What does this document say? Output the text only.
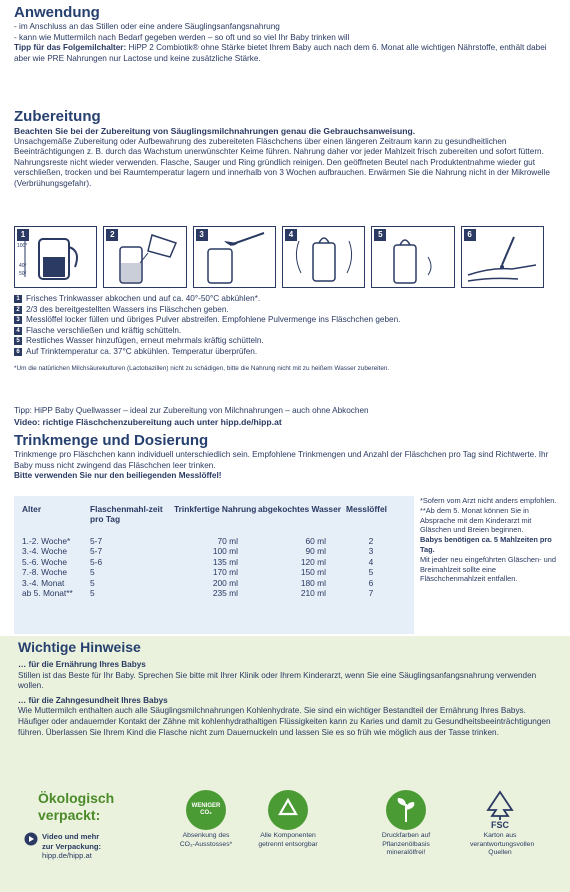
Anwendung

- im Anschluss an das Stillen oder eine andere Säuglingsanfangsnahrung

- kann wie Muttermilch nach Bedarf gegeben werden – so oft und so viel Ihr Baby trinken will

Tipp für das Folgemilchalter: HiPP 2 Combiotik® ohne Stärke bietet Ihrem Baby auch nach dem 6. Monat alle wichtigen Nährstoffe, enthält dabei aber wie PRE Nahrungen nur Lactose und keine zusätzliche Stärke.

Zubereitung

Beachten Sie bei der Zubereitung von Säuglingsmilchnahrungen genau die Gebrauchsanweisung.

Unsachgemäße Zubereitung oder Aufbewahrung des zubereiteten Fläschchens über einen längeren Zeitraum kann zu gesundheitlichen Beeinträchtigungen z. B. durch das Wachstum unerwünschter Keime führen. Nahrung daher vor jeder Mahlzeit frisch zubereiten und sofort füttern. Nahrungsreste nicht wieder verwenden. Flasche, Sauger und Ring gründlich reinigen. Den geöffneten Beutel nach Produktentnahme wieder gut verschließen, trocken und bei Raumtemperatur lagern und innerhalb von 3 Wochen aufbrauchen. Erwärmen Sie die Nahrung nicht in der Mikrowelle (Verbrühungsgefahr).

1
100°
40°
50°
2	3	4	5	6
1 Frisches Trinkwasser abkochen und auf ca. 40°-50°C abkühlen*.
2 2/3 des bereitgestellten Wassers ins Fläschchen geben.
3 Messlöffel locker füllen und übriges Pulver abstreifen. Empfohlene Pulvermenge ins Fläschchen geben.
4 Flasche verschließen und kräftig schütteln.
5 Restliches Wasser hinzufügen, erneut mehrmals kräftig schütteln.
6 Auf Trinktemperatur ca. 37°C abkühlen. Temperatur überprüfen.
*Um die natürlichen Milchsäurekulturen (Lactobazillen) nicht zu schädigen, bitte die Nahrung nicht mit zu heißem Wasser zubereiten.

Tipp: HiPP Baby Quellwasser – ideal zur Zubereitung von Milchnahrungen – auch ohne Abkochen

Video: richtige Fläschchenzubereitung auch unter hipp.de/hipp.at

Trinkmenge und Dosierung

Trinkmenge pro Fläschchen kann individuell unterschiedlich sein. Empfohlene Trinkmengen und Anzahl der Fläschchen pro Tag sind Richtwerte. Ihr Baby muss nicht zwingend das Fläschchen leer trinken.

Bitte verwenden Sie nur den beiliegenden Messlöffel!

Alter	Flaschenmahl-zeit pro Tag	Trinkfertige Nahrung	abgekochtes Wasser	Messlöffel

1.-2. Woche*	5-7	70 ml	60 ml	2
3.-4. Woche	5-7	100 ml	90 ml	3
5.-6. Woche	5-6	135 ml	120 ml	4
7.-8. Woche	5	170 ml	150 ml	5
3.-4. Monat	5	200 ml	180 ml	6
ab 5. Monat**	5	235 ml	210 ml	7
*Sofern vom Arzt nicht anders empfohlen.
**Ab dem 5. Monat können Sie in Absprache mit dem Kinderarzt mit Gläschen und Breien beginnen.
Babys benötigen ca. 5 Mahlzeiten pro Tag.
Mit jeder neu eingeführten Gläschen- und Breimahlzeit sollte eine Fläschchenmahlzeit entfallen.
Wichtige Hinweise

… für die Ernährung Ihres Babys

Stillen ist das Beste für Ihr Baby. Sprechen Sie bitte mit Ihrer Klinik oder Ihrem Kinderarzt, wenn Sie eine Säuglingsanfangsnahrung verwenden wollen.

… für die Zahngesundheit Ihres Babys

Wie Muttermilch enthalten auch alle Säuglingsmilchnahrungen Kohlenhydrate. Sie sind ein wichtiger Bestandteil der Ernährung Ihres Babys. Häufiger oder andauernder Kontakt der Zähne mit kohlenhydrathaltigen Flüssigkeiten kann zu Karies und damit zu Gesundheitsbeeinträchtigungen führen. Überlassen Sie Ihrem Kind die Flasche nicht zum Dauernuckeln und lassen Sie es so früh wie möglich aus der Tasse trinken.

Ökologisch
verpackt:
Video und mehr
zur Verpackung:
hipp.de/hipp.at
WENIGER CO₂
Absenkung des CO₂-Ausstosses*
Alle Komponenten getrennt entsorgbar
Druckfarben auf Pflanzenölbasis mineralölfrei!
FSC
Karton aus verantwortungsvollen Quellen
